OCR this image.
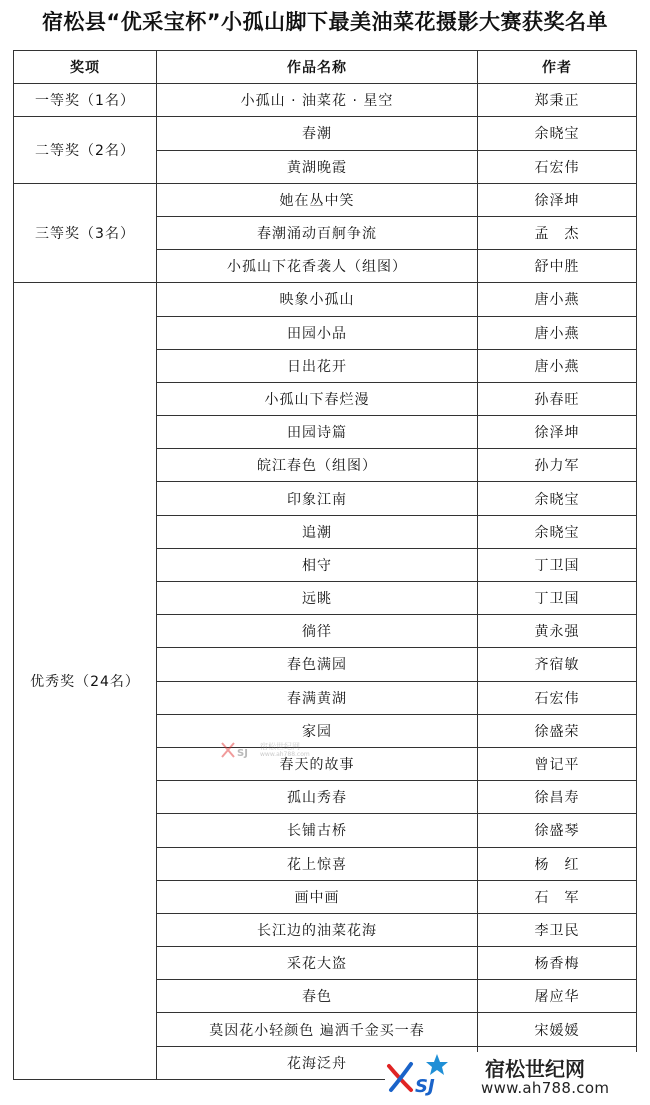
宿松县“优采宝杯”小孤山脚下最美油菜花摄影大赛获奖名单
奖项	作品名称	作者
一等奖（1名）	小孤山 · 油菜花 · 星空	郑秉正
二等奖（2名）	春潮	余晓宝
	黄湖晚霞	石宏伟
三等奖（3名）	她在丛中笑	徐泽坤
	春潮涌动百舸争流	孟　杰
	小孤山下花香袭人（组图）	舒中胜
优秀奖（24名）	映象小孤山	唐小燕
	田园小品	唐小燕
	日出花开	唐小燕
	小孤山下春烂漫	孙春旺
	田园诗篇	徐泽坤
	皖江春色（组图）	孙力军
	印象江南	余晓宝
	追潮	余晓宝
	相守	丁卫国
	远眺	丁卫国
	徜徉	黄永强
	春色满园	齐宿敏
	春满黄湖	石宏伟
	家园	徐盛荣
	春天的故事	曾记平
	孤山秀春	徐昌寿
	长铺古桥	徐盛琴
	花上惊喜	杨　红
	画中画	石　军
	长江边的油菜花海	李卫民
	采花大盗	杨香梅
	春色	屠应华
	莫因花小轻颜色 遍洒千金买一春	宋媛媛
	花海泛舟	
SJ
宿松世纪网
www.ah788.com
SJ
宿松世纪网
www.ah788.com
